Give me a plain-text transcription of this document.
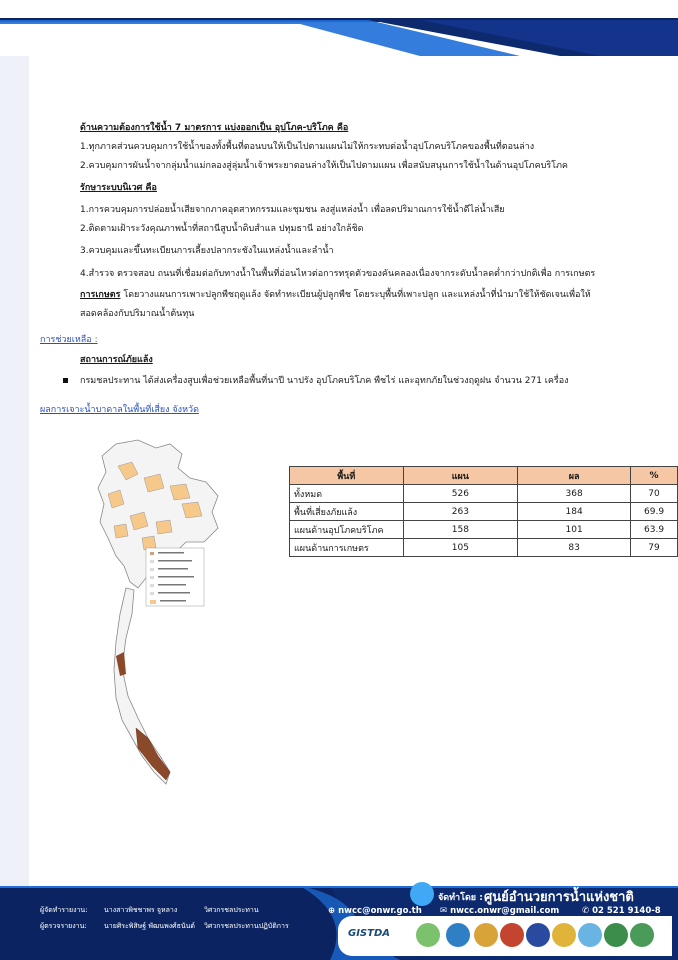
ด้านความต้องการใช้น้ำ 7 มาตรการ แบ่งออกเป็น อุปโภค-บริโภค คือ
1.ทุกภาคส่วนควบคุมการใช้น้ำของทั้งพื้นที่ตอนบนให้เป็นไปตามแผนไม่ให้กระทบต่อน้ำอุปโภคบริโภคของพื้นที่ตอนล่าง
2.ควบคุมการผันน้ำจากลุ่มน้ำแม่กลองสู่ลุ่มน้ำเจ้าพระยาตอนล่างให้เป็นไปตามแผน เพื่อสนับสนุนการใช้น้ำในด้านอุปโภคบริโภค
รักษาระบบนิเวศ คือ
1.การควบคุมการปล่อยน้ำเสียจากภาคอุตสาหกรรมและชุมชน ลงสู่แหล่งน้ำ เพื่อลดปริมาณการใช้น้ำดีไล่น้ำเสีย
2.ติดตามเฝ้าระวังคุณภาพน้ำที่สถานีสูบน้ำดิบสำแล ปทุมธานี อย่างใกล้ชิด
3.ควบคุมและขึ้นทะเบียนการเลี้ยงปลากระชังในแหล่งน้ำและลำน้ำ
4.สำรวจ ตรวจสอบ ถนนที่เชื่อมต่อกับทางน้ำในพื้นที่อ่อนไหวต่อการทรุดตัวของคันคลองเนื่องจากระดับน้ำลดต่ำกว่าปกติเพื่อ การเกษตร
การเกษตร โดยวางแผนการเพาะปลูกพืชฤดูแล้ง จัดทำทะเบียนผู้ปลูกพืช โดยระบุพื้นที่เพาะปลูก และแหล่งน้ำที่นำมาใช้ให้ชัดเจนเพื่อให้
สอดคล้องกับปริมาณน้ำต้นทุน
การช่วยเหลือ :
สถานการณ์ภัยแล้ง
กรมชลประทาน ได้ส่งเครื่องสูบเพื่อช่วยเหลือพื้นที่นาปี นาปรัง อุปโภคบริโภค พืชไร่ และอุทกภัยในช่วงฤดูฝน จำนวน 271 เครื่อง
ผลการเจาะน้ำบาดาลในพื้นที่เสี่ยง จังหวัด
พื้นที่	แผน	ผล	%
ทั้งหมด	526	368	70
พื้นที่เสี่ยงภัยแล้ง	263	184	69.9
แผนด้านอุปโภคบริโภค	158	101	63.9
แผนด้านการเกษตร	105	83	79
ผู้จัดทำรายงาน: นางสาวพิชชาพร จูหลาง	วิศวกรชลประทาน
ผู้ตรวจรายงาน: นายศิระพิสิษฐ์ พัฒนพงศ์ธนันต์ วิศวกรชลประทานปฏิบัติการ
จัดทำโดย : ศูนย์อำนวยการน้ำแห่งชาติ
⊕ nwcc@onwr.go.th ✉ nwcc.onwr@gmail.com	✆ 02 521 9140-8
GISTDA
